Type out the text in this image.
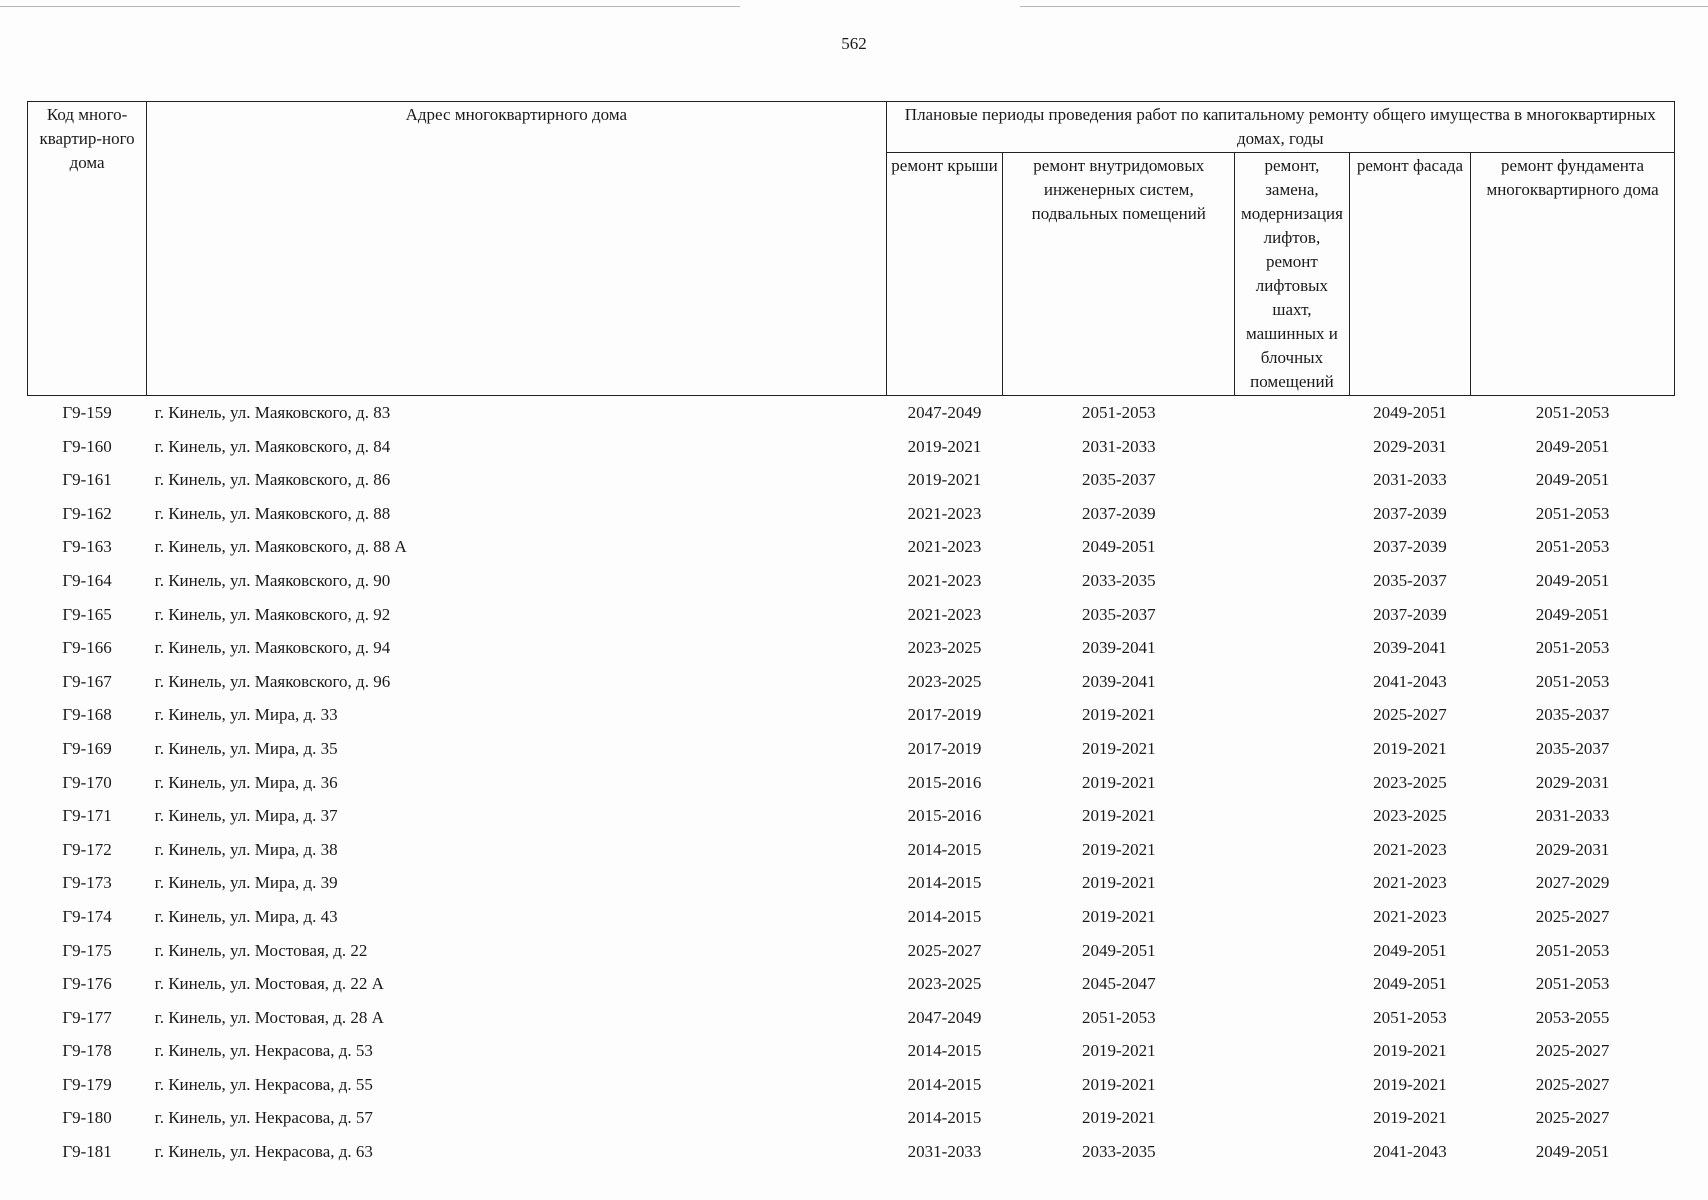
562
Код много-квартир-ного дома	Адрес многоквартирного дома			Плановые периоды проведения работ по капитальному ремонту общего имущества в многоквартирных домах, годы				
				ремонт крыши	ремонт внутридомовых инженерных систем, подвальных помещений	ремонт, замена, модернизация лифтов, ремонт лифтовых шахт, машинных и блочных помещений	ремонт фасада	ремонт фундамента многоквартирного дома
Г9-159	г. Кинель, ул. Маяковского, д. 83			2047-2049	2051-2053		2049-2051	2051-2053
Г9-160	г. Кинель, ул. Маяковского, д. 84			2019-2021	2031-2033		2029-2031	2049-2051
Г9-161	г. Кинель, ул. Маяковского, д. 86			2019-2021	2035-2037		2031-2033	2049-2051
Г9-162	г. Кинель, ул. Маяковского, д. 88			2021-2023	2037-2039		2037-2039	2051-2053
Г9-163	г. Кинель, ул. Маяковского, д. 88 А			2021-2023	2049-2051		2037-2039	2051-2053
Г9-164	г. Кинель, ул. Маяковского, д. 90			2021-2023	2033-2035		2035-2037	2049-2051
Г9-165	г. Кинель, ул. Маяковского, д. 92			2021-2023	2035-2037		2037-2039	2049-2051
Г9-166	г. Кинель, ул. Маяковского, д. 94			2023-2025	2039-2041		2039-2041	2051-2053
Г9-167	г. Кинель, ул. Маяковского, д. 96			2023-2025	2039-2041		2041-2043	2051-2053
Г9-168	г. Кинель, ул. Мира, д. 33			2017-2019	2019-2021		2025-2027	2035-2037
Г9-169	г. Кинель, ул. Мира, д. 35			2017-2019	2019-2021		2019-2021	2035-2037
Г9-170	г. Кинель, ул. Мира, д. 36			2015-2016	2019-2021		2023-2025	2029-2031
Г9-171	г. Кинель, ул. Мира, д. 37			2015-2016	2019-2021		2023-2025	2031-2033
Г9-172	г. Кинель, ул. Мира, д. 38			2014-2015	2019-2021		2021-2023	2029-2031
Г9-173	г. Кинель, ул. Мира, д. 39			2014-2015	2019-2021		2021-2023	2027-2029
Г9-174	г. Кинель, ул. Мира, д. 43			2014-2015	2019-2021		2021-2023	2025-2027
Г9-175	г. Кинель, ул. Мостовая, д. 22			2025-2027	2049-2051		2049-2051	2051-2053
Г9-176	г. Кинель, ул. Мостовая, д. 22 А			2023-2025	2045-2047		2049-2051	2051-2053
Г9-177	г. Кинель, ул. Мостовая, д. 28 А			2047-2049	2051-2053		2051-2053	2053-2055
Г9-178	г. Кинель, ул. Некрасова, д. 53			2014-2015	2019-2021		2019-2021	2025-2027
Г9-179	г. Кинель, ул. Некрасова, д. 55			2014-2015	2019-2021		2019-2021	2025-2027
Г9-180	г. Кинель, ул. Некрасова, д. 57			2014-2015	2019-2021		2019-2021	2025-2027
Г9-181	г. Кинель, ул. Некрасова, д. 63			2031-2033	2033-2035		2041-2043	2049-2051
